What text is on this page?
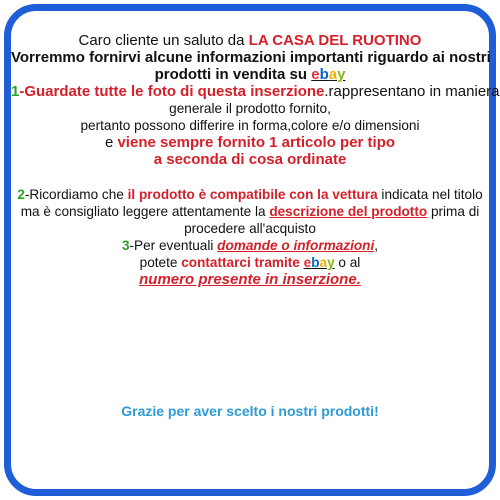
Caro cliente un saluto da LA CASA DEL RUOTINO
Vorremmo fornirvi alcune informazioni importanti riguardo ai nostri
prodotti in vendita su ebay
1-Guardate tutte le foto di questa inserzione.rappresentano in maniera
generale il prodotto fornito,
pertanto possono differire in forma,colore e/o dimensioni
e viene sempre fornito 1 articolo per tipo
a seconda di cosa ordinate
2-Ricordiamo che il prodotto è compatibile con la vettura indicata nel titolo
ma è consigliato leggere attentamente la descrizione del prodotto prima di
procedere all'acquisto
3-Per eventuali domande o informazioni,
potete contattarci tramite ebay o al
numero presente in inserzione.
Grazie per aver scelto i nostri prodotti!
